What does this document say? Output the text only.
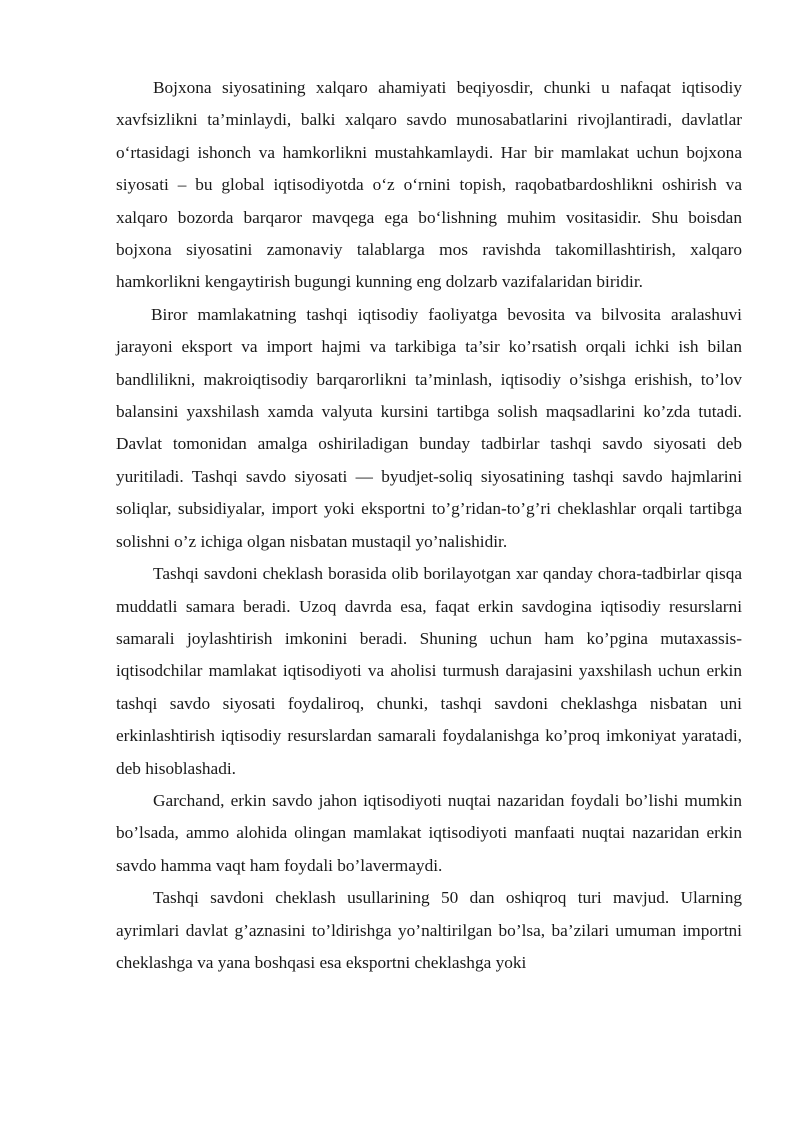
Bojxona siyosatining xalqaro ahamiyati beqiyosdir, chunki u nafaqat iqtisodiy xavfsizlikni ta’minlaydi, balki xalqaro savdo munosabatlarini rivojlantiradi, davlatlar o‘rtasidagi ishonch va hamkorlikni mustahkamlaydi. Har bir mamlakat uchun bojxona siyosati – bu global iqtisodiyotda o‘z o‘rnini topish, raqobatbardoshlikni oshirish va xalqaro bozorda barqaror mavqega ega bo‘lishning muhim vositasidir. Shu boisdan bojxona siyosatini zamonaviy talablarga mos ravishda takomillashtirish, xalqaro hamkorlikni kengaytirish bugungi kunning eng dolzarb vazifalaridan biridir.

Biror mamlakatning tashqi iqtisodiy faoliyatga bevosita va bilvosita aralashuvi jarayoni eksport va import hajmi va tarkibiga ta’sir ko’rsatish orqali ichki ish bilan bandlilikni, makroiqtisodiy barqarorlikni ta’minlash, iqtisodiy o’sishga erishish, to’lov balansini yaxshilash xamda valyuta kursini tartibga solish maqsadlarini ko’zda tutadi. Davlat tomonidan amalga oshiriladigan bunday tadbirlar tashqi savdo siyosati deb yuritiladi. Tashqi savdo siyosati — byudjet-soliq siyosatining tashqi savdo hajmlarini soliqlar, subsidiyalar, import yoki eksportni to’g’ridan-to’g’ri cheklashlar orqali tartibga solishni o’z ichiga olgan nisbatan mustaqil yo’nalishidir.

Tashqi savdoni cheklash borasida olib borilayotgan xar qanday chora-tadbirlar qisqa muddatli samara beradi. Uzoq davrda esa, faqat erkin savdogina iqtisodiy resurslarni samarali joylashtirish imkonini beradi. Shuning uchun ham ko’pgina mutaxassis-iqtisodchilar mamlakat iqtisodiyoti va aholisi turmush darajasini yaxshilash uchun erkin tashqi savdo siyosati foydaliroq, chunki, tashqi savdoni cheklashga nisbatan uni erkinlashtirish iqtisodiy resurslardan samarali foydalanishga ko’proq imkoniyat yaratadi, deb hisoblashadi.

Garchand, erkin savdo jahon iqtisodiyoti nuqtai nazaridan foydali bo’lishi mumkin bo’lsada, ammo alohida olingan mamlakat iqtisodiyoti manfaati nuqtai nazaridan erkin savdo hamma vaqt ham foydali bo’lavermaydi.

Tashqi savdoni cheklash usullarining 50 dan oshiqroq turi mavjud. Ularning ayrimlari davlat g’aznasini to’ldirishga yo’naltirilgan bo’lsa, ba’zilari umuman importni cheklashga va yana boshqasi esa eksportni cheklashga yoki
